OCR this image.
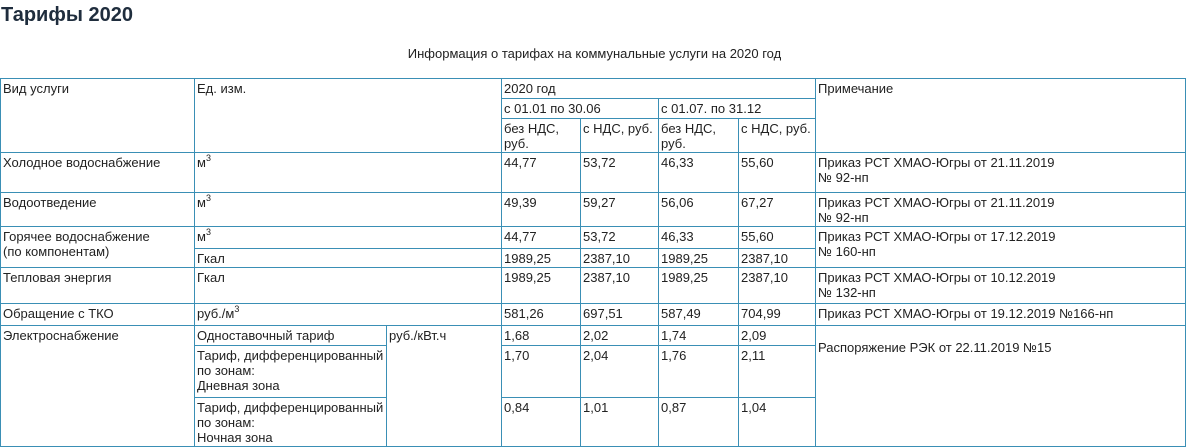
Тарифы 2020
Информация о тарифах на коммунальные услуги на 2020 год
Вид услуги	Ед. изм.		2020 год				Примечание
			с 01.01 по 30.06		с 01.07. по 31.12		
			без НДС, руб.	с НДС, руб.	без НДС, руб.	с НДС, руб.	
Холодное водоснабжение	$м^3$		44,77	53,72	46,33	55,60	Приказ РСТ ХМАО-Югры от 21.11.2019
№ 92-нп
Водоотведение	$м^3$		49,39	59,27	56,06	67,27	Приказ РСТ ХМАО-Югры от 21.11.2019
№ 92-нп
Горячее водоснабжение
(по компонентам)	$м^3$		44,77	53,72	46,33	55,60	Приказ РСТ ХМАО-Югры от 17.12.2019
№ 160-нп
	Гкал		1989,25	2387,10	1989,25	2387,10	
Тепловая энергия	Гкал		1989,25	2387,10	1989,25	2387,10	Приказ РСТ ХМАО-Югры от 10.12.2019
№ 132-нп
Обращение с ТКО	$руб./м^3$		581,26	697,51	587,49	704,99	Приказ РСТ ХМАО-Югры от 19.12.2019 №166-нп
Электроснабжение	Одноставочный тариф	руб./кВт.ч	1,68	2,02	1,74	2,09	Распоряжение РЭК от 22.11.2019 №15
	Тариф, дифференцированный
по зонам:
Дневная зона		1,70	2,04	1,76	2,11	
	Тариф, дифференцированный
по зонам:
Ночная зона		0,84	1,01	0,87	1,04	
